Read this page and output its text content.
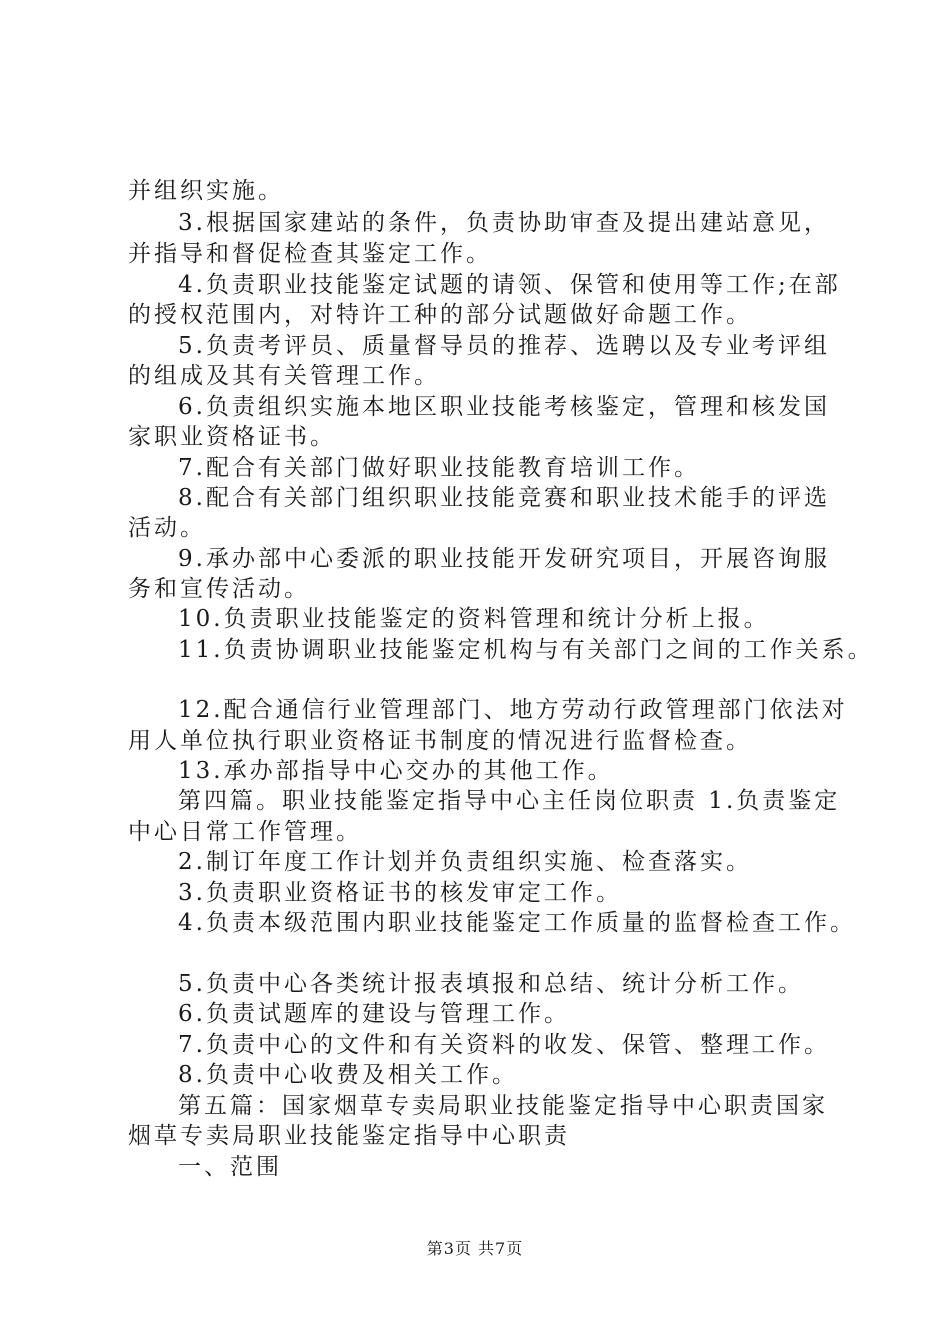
并组织实施。
3.根据国家建站的条件，负责协助审查及提出建站意见，
并指导和督促检查其鉴定工作。
4.负责职业技能鉴定试题的请领、保管和使用等工作;在部
的授权范围内，对特许工种的部分试题做好命题工作。
5.负责考评员、质量督导员的推荐、选聘以及专业考评组
的组成及其有关管理工作。
6.负责组织实施本地区职业技能考核鉴定，管理和核发国
家职业资格证书。
7.配合有关部门做好职业技能教育培训工作。
8.配合有关部门组织职业技能竞赛和职业技术能手的评选
活动。
9.承办部中心委派的职业技能开发研究项目，开展咨询服
务和宣传活动。
10.负责职业技能鉴定的资料管理和统计分析上报。
11.负责协调职业技能鉴定机构与有关部门之间的工作关系。
12.配合通信行业管理部门、地方劳动行政管理部门依法对
用人单位执行职业资格证书制度的情况进行监督检查。
13.承办部指导中心交办的其他工作。
第四篇。职业技能鉴定指导中心主任岗位职责 1.负责鉴定
中心日常工作管理。
2.制订年度工作计划并负责组织实施、检查落实。
3.负责职业资格证书的核发审定工作。
4.负责本级范围内职业技能鉴定工作质量的监督检查工作。
5.负责中心各类统计报表填报和总结、统计分析工作。
6.负责试题库的建设与管理工作。
7.负责中心的文件和有关资料的收发、保管、整理工作。
8.负责中心收费及相关工作。
第五篇：国家烟草专卖局职业技能鉴定指导中心职责国家
烟草专卖局职业技能鉴定指导中心职责
一、范围
第3页 共7页
